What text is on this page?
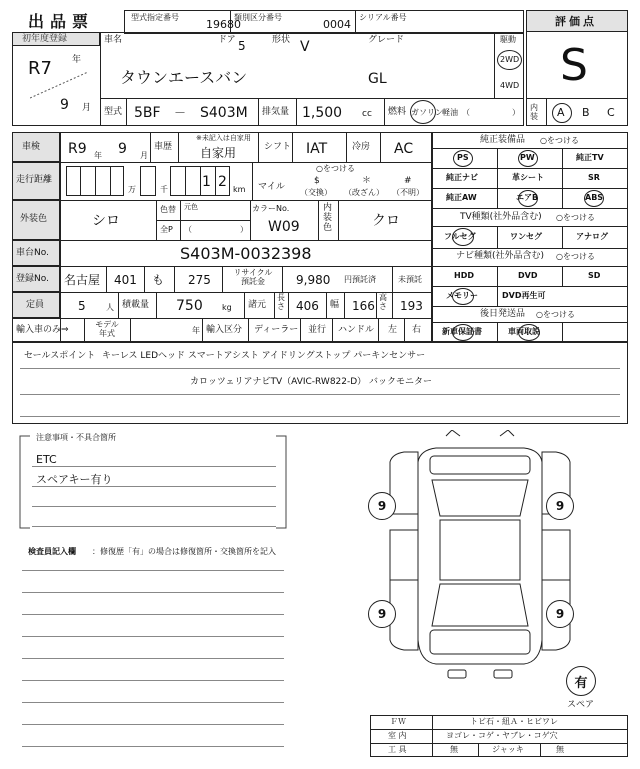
出品票	型式指定番号
19680
類別区分番号
0004
シリアル番号	評価点
S
内装	A B C
初年度登録
R7 年
9 月
車名	ドア 5	形状 V	グレード
タウンエースバン	GL
駆動
2WD
4WD
型式 5BF － S403M 排気量 1,500 cc 燃料 ガソリン 軽油 （	）
車検 R9 年 9 月
車歴
※未記入は自家用
自家用	シフト IAT	冷房 AC
走行距離
万	千 1 2 km
○をつける
マイル
$
（交換）
＊
（改ざん）
#
（不明）
外装色	シロ
色替
全P
元色
（	）
カラーNo.
W09
内装色	クロ
車台No.	S403M-0032398
登録No. 名古屋 401 も 275
リサイクル預託金	9,980 円預託済	未預託
定員	5	人 積載量 750 kg 諸元
長さ 406 幅 166
高さ 193
輸入車のみ⇒
モデル年式	年 輸入区分 ディーラー 並行 ハンドル 左 右
純正装備品 ○をつける
PS	PW	純正TV
純正ナビ	革シート	SR
純正AW	エアB	ABS
TV種類(社外品含む) ○をつける
フルセグ	ワンセグ	アナログ
ナビ種類(社外品含む) ○をつける
HDD	DVD	SD
メモリー	DVD再生可
後日発送品 ○をつける
新車保証書	車両取説
セールスポイント キーレス LEDヘッド スマートアシスト アイドリングストップ パーキンセンサー
カロッツェリアナビTV（AVIC-RW822-D） バックモニター
注意事項・不具合箇所
ETC
スペアキー有り
検査員記入欄 ：修復歴「有」の場合は修復箇所・交換箇所を記入
9	9
9	9
有
スペア
ＦＷ	トビ石・紐Ａ・ヒビワレ
室 内	ヨゴレ・コゲ・ヤブレ・コゲ穴
工 具	無	ジャッキ	無
